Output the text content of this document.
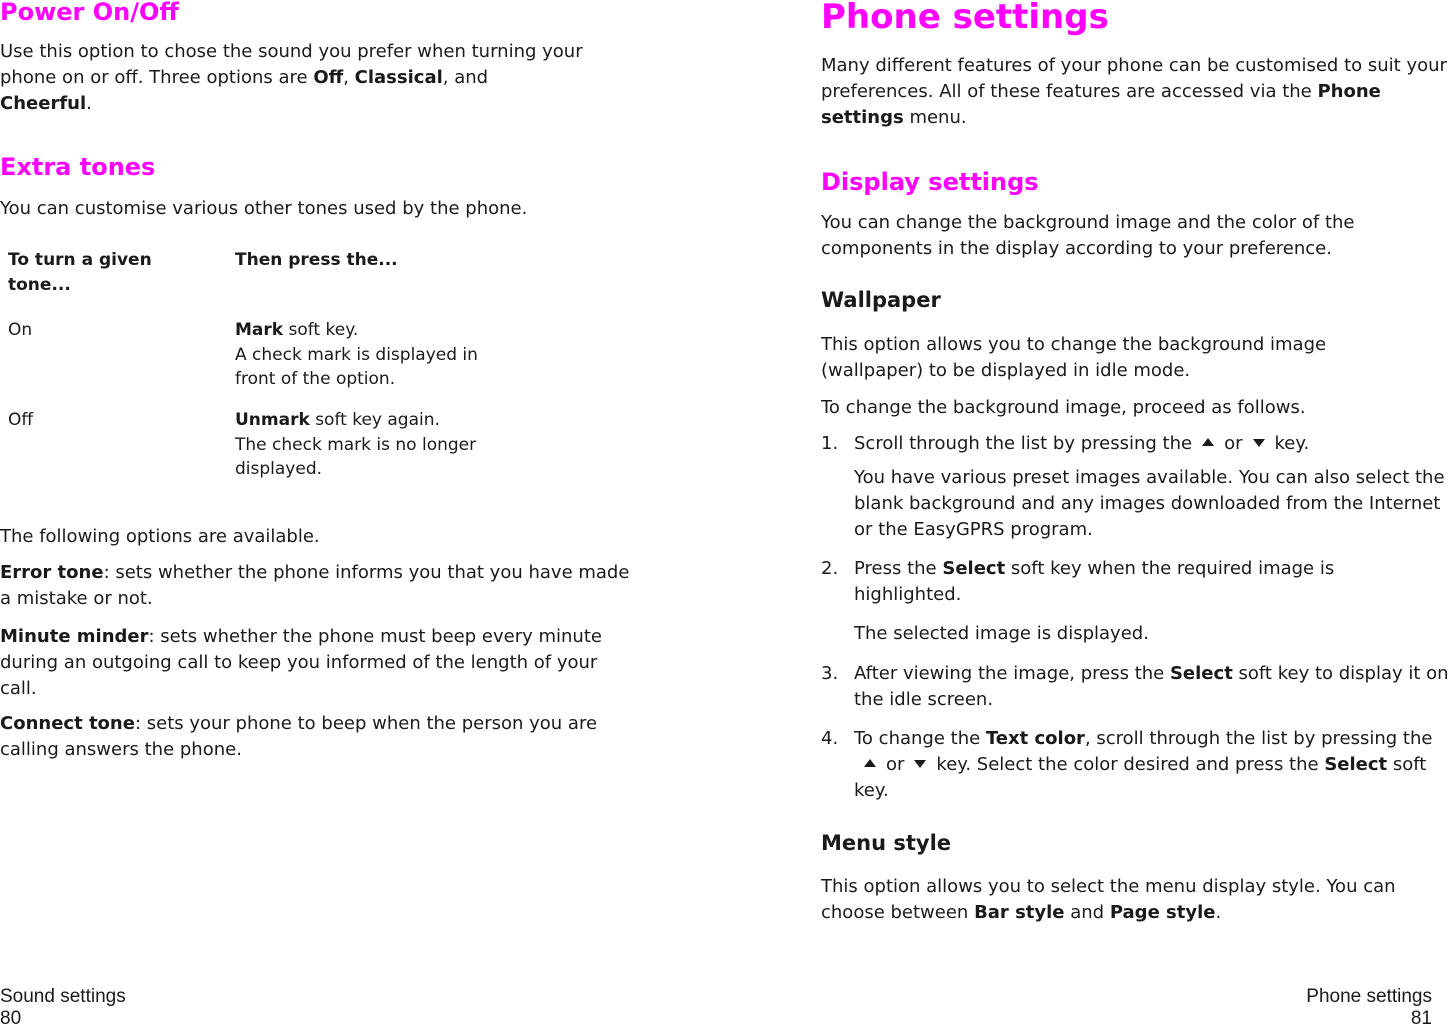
Power On/Off

Use this option to chose the sound you prefer when turning your phone on or off. Three options are Off, Classical, and
Cheerful.

Extra tones

You can customise various other tones used by the phone.

To turn a given tone...
Then press the...
On	Mark soft key.
A check mark is displayed in front of the option.
Off	Unmark soft key again.
The check mark is no longer displayed.

The following options are available.

Error tone: sets whether the phone informs you that you have made a mistake or not.

Minute minder: sets whether the phone must beep every minute during an outgoing call to keep you informed of the length of your call.

Connect tone: sets your phone to beep when the person you are calling answers the phone.

Sound settings
80
Phone settings

Many different features of your phone can be customised to suit your preferences. All of these features are accessed via the Phone settings menu.

Display settings

You can change the background image and the color of the components in the display according to your preference.

Wallpaper

This option allows you to change the background image (wallpaper) to be displayed in idle mode.

To change the background image, proceed as follows.

1. Scroll through the list by pressing the or key.

You have various preset images available. You can also select the blank background and any images downloaded from the Internet or the EasyGPRS program.

2. Press the Select soft key when the required image is highlighted.

The selected image is displayed.

3. After viewing the image, press the Select soft key to display it on the idle screen.

4. To change the Text color, scroll through the list by pressing theor key. Select the color desired and press the Select soft key.

Menu style

This option allows you to select the menu display style. You can choose between Bar style and Page style.

Phone settings
81
